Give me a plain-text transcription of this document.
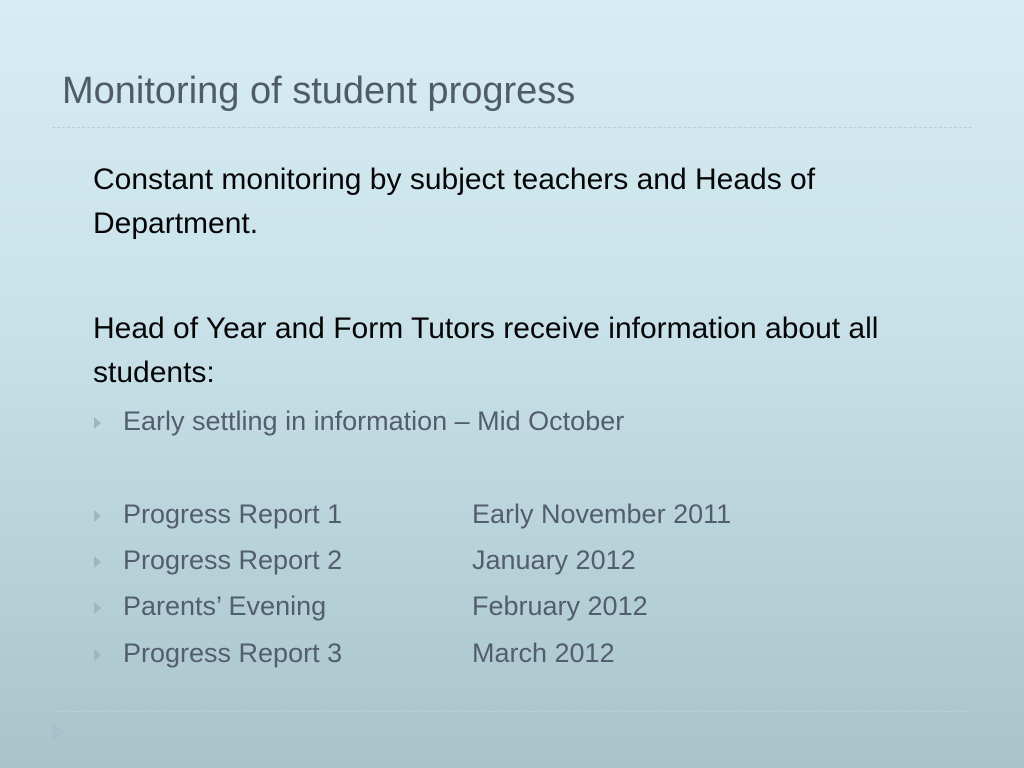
Monitoring of student progress
Constant monitoring by subject teachers and Heads of Department.
Head of Year and Form Tutors receive information about all students:
Early settling in information – Mid October
Progress Report 1	Early November 2011
Progress Report 2	January 2012
Parents’ Evening	February 2012
Progress Report 3	March 2012
